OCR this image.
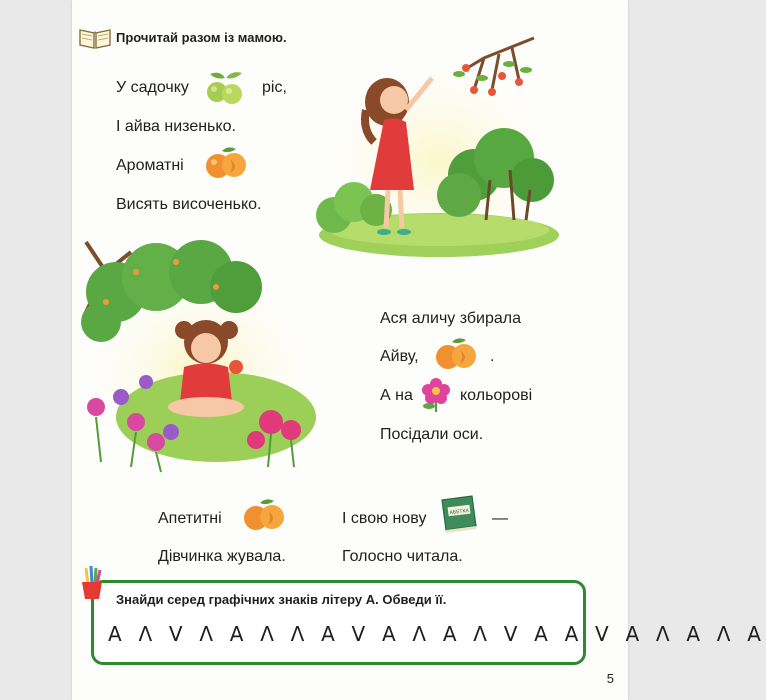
Прочитай разом із мамою.
У садочку	ріс,
І айва низенько.
Ароматні
Висять височенько.
Ася аличу збирала
Айву,	.
А на	кольорові
Посідали оси.
Апетитні
Дівчинка жувала.
І свою нову	АБЕТКА —
Голосно читала.
Знайди серед графічних знаків літеру А. Обведи її.
А Λ V Λ А Λ Λ А V А Λ А Λ V А А V А Λ А Λ А
5
